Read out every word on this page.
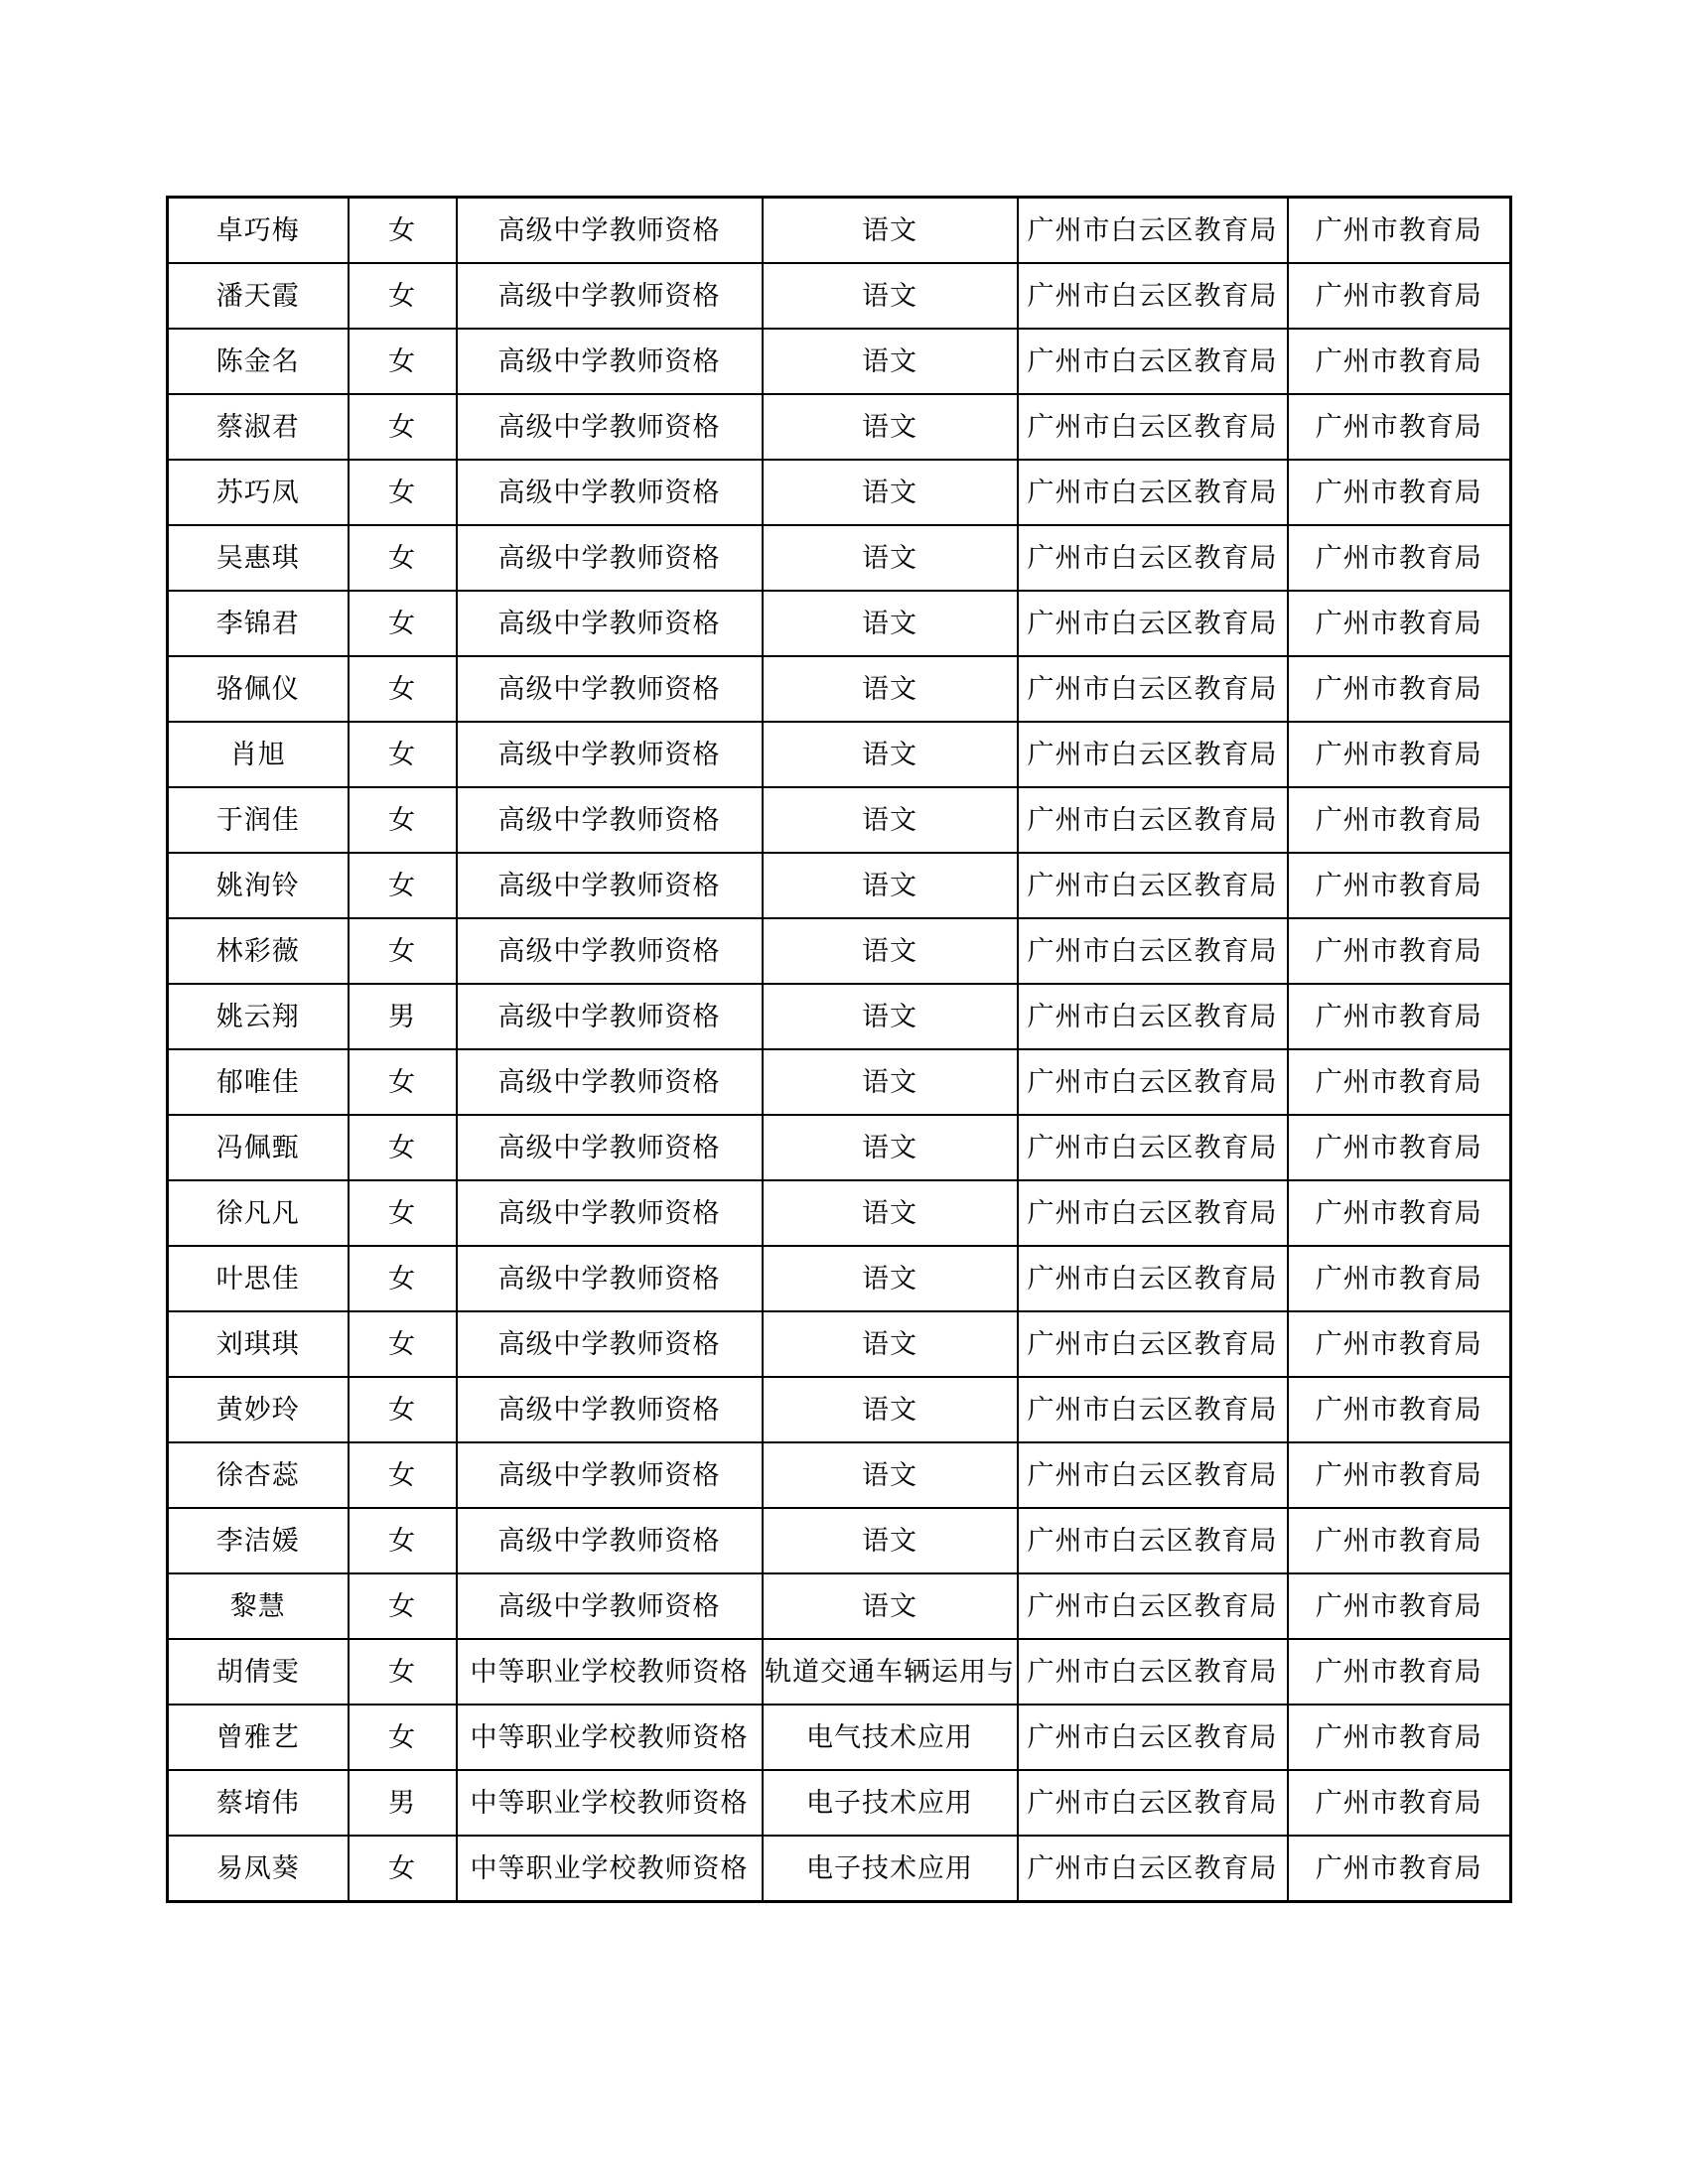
卓巧梅	女	高级中学教师资格	语文	广州市白云区教育局	广州市教育局
潘天霞	女	高级中学教师资格	语文	广州市白云区教育局	广州市教育局
陈金名	女	高级中学教师资格	语文	广州市白云区教育局	广州市教育局
蔡淑君	女	高级中学教师资格	语文	广州市白云区教育局	广州市教育局
苏巧凤	女	高级中学教师资格	语文	广州市白云区教育局	广州市教育局
吴惠琪	女	高级中学教师资格	语文	广州市白云区教育局	广州市教育局
李锦君	女	高级中学教师资格	语文	广州市白云区教育局	广州市教育局
骆佩仪	女	高级中学教师资格	语文	广州市白云区教育局	广州市教育局
肖旭	女	高级中学教师资格	语文	广州市白云区教育局	广州市教育局
于润佳	女	高级中学教师资格	语文	广州市白云区教育局	广州市教育局
姚洵铃	女	高级中学教师资格	语文	广州市白云区教育局	广州市教育局
林彩薇	女	高级中学教师资格	语文	广州市白云区教育局	广州市教育局
姚云翔	男	高级中学教师资格	语文	广州市白云区教育局	广州市教育局
郁唯佳	女	高级中学教师资格	语文	广州市白云区教育局	广州市教育局
冯佩甄	女	高级中学教师资格	语文	广州市白云区教育局	广州市教育局
徐凡凡	女	高级中学教师资格	语文	广州市白云区教育局	广州市教育局
叶思佳	女	高级中学教师资格	语文	广州市白云区教育局	广州市教育局
刘琪琪	女	高级中学教师资格	语文	广州市白云区教育局	广州市教育局
黄妙玲	女	高级中学教师资格	语文	广州市白云区教育局	广州市教育局
徐杏蕊	女	高级中学教师资格	语文	广州市白云区教育局	广州市教育局
李洁媛	女	高级中学教师资格	语文	广州市白云区教育局	广州市教育局
黎慧	女	高级中学教师资格	语文	广州市白云区教育局	广州市教育局
胡倩雯	女	中等职业学校教师资格	轨道交通车辆运用与	广州市白云区教育局	广州市教育局
曾雅艺	女	中等职业学校教师资格	电气技术应用	广州市白云区教育局	广州市教育局
蔡堉伟	男	中等职业学校教师资格	电子技术应用	广州市白云区教育局	广州市教育局
易凤葵	女	中等职业学校教师资格	电子技术应用	广州市白云区教育局	广州市教育局
